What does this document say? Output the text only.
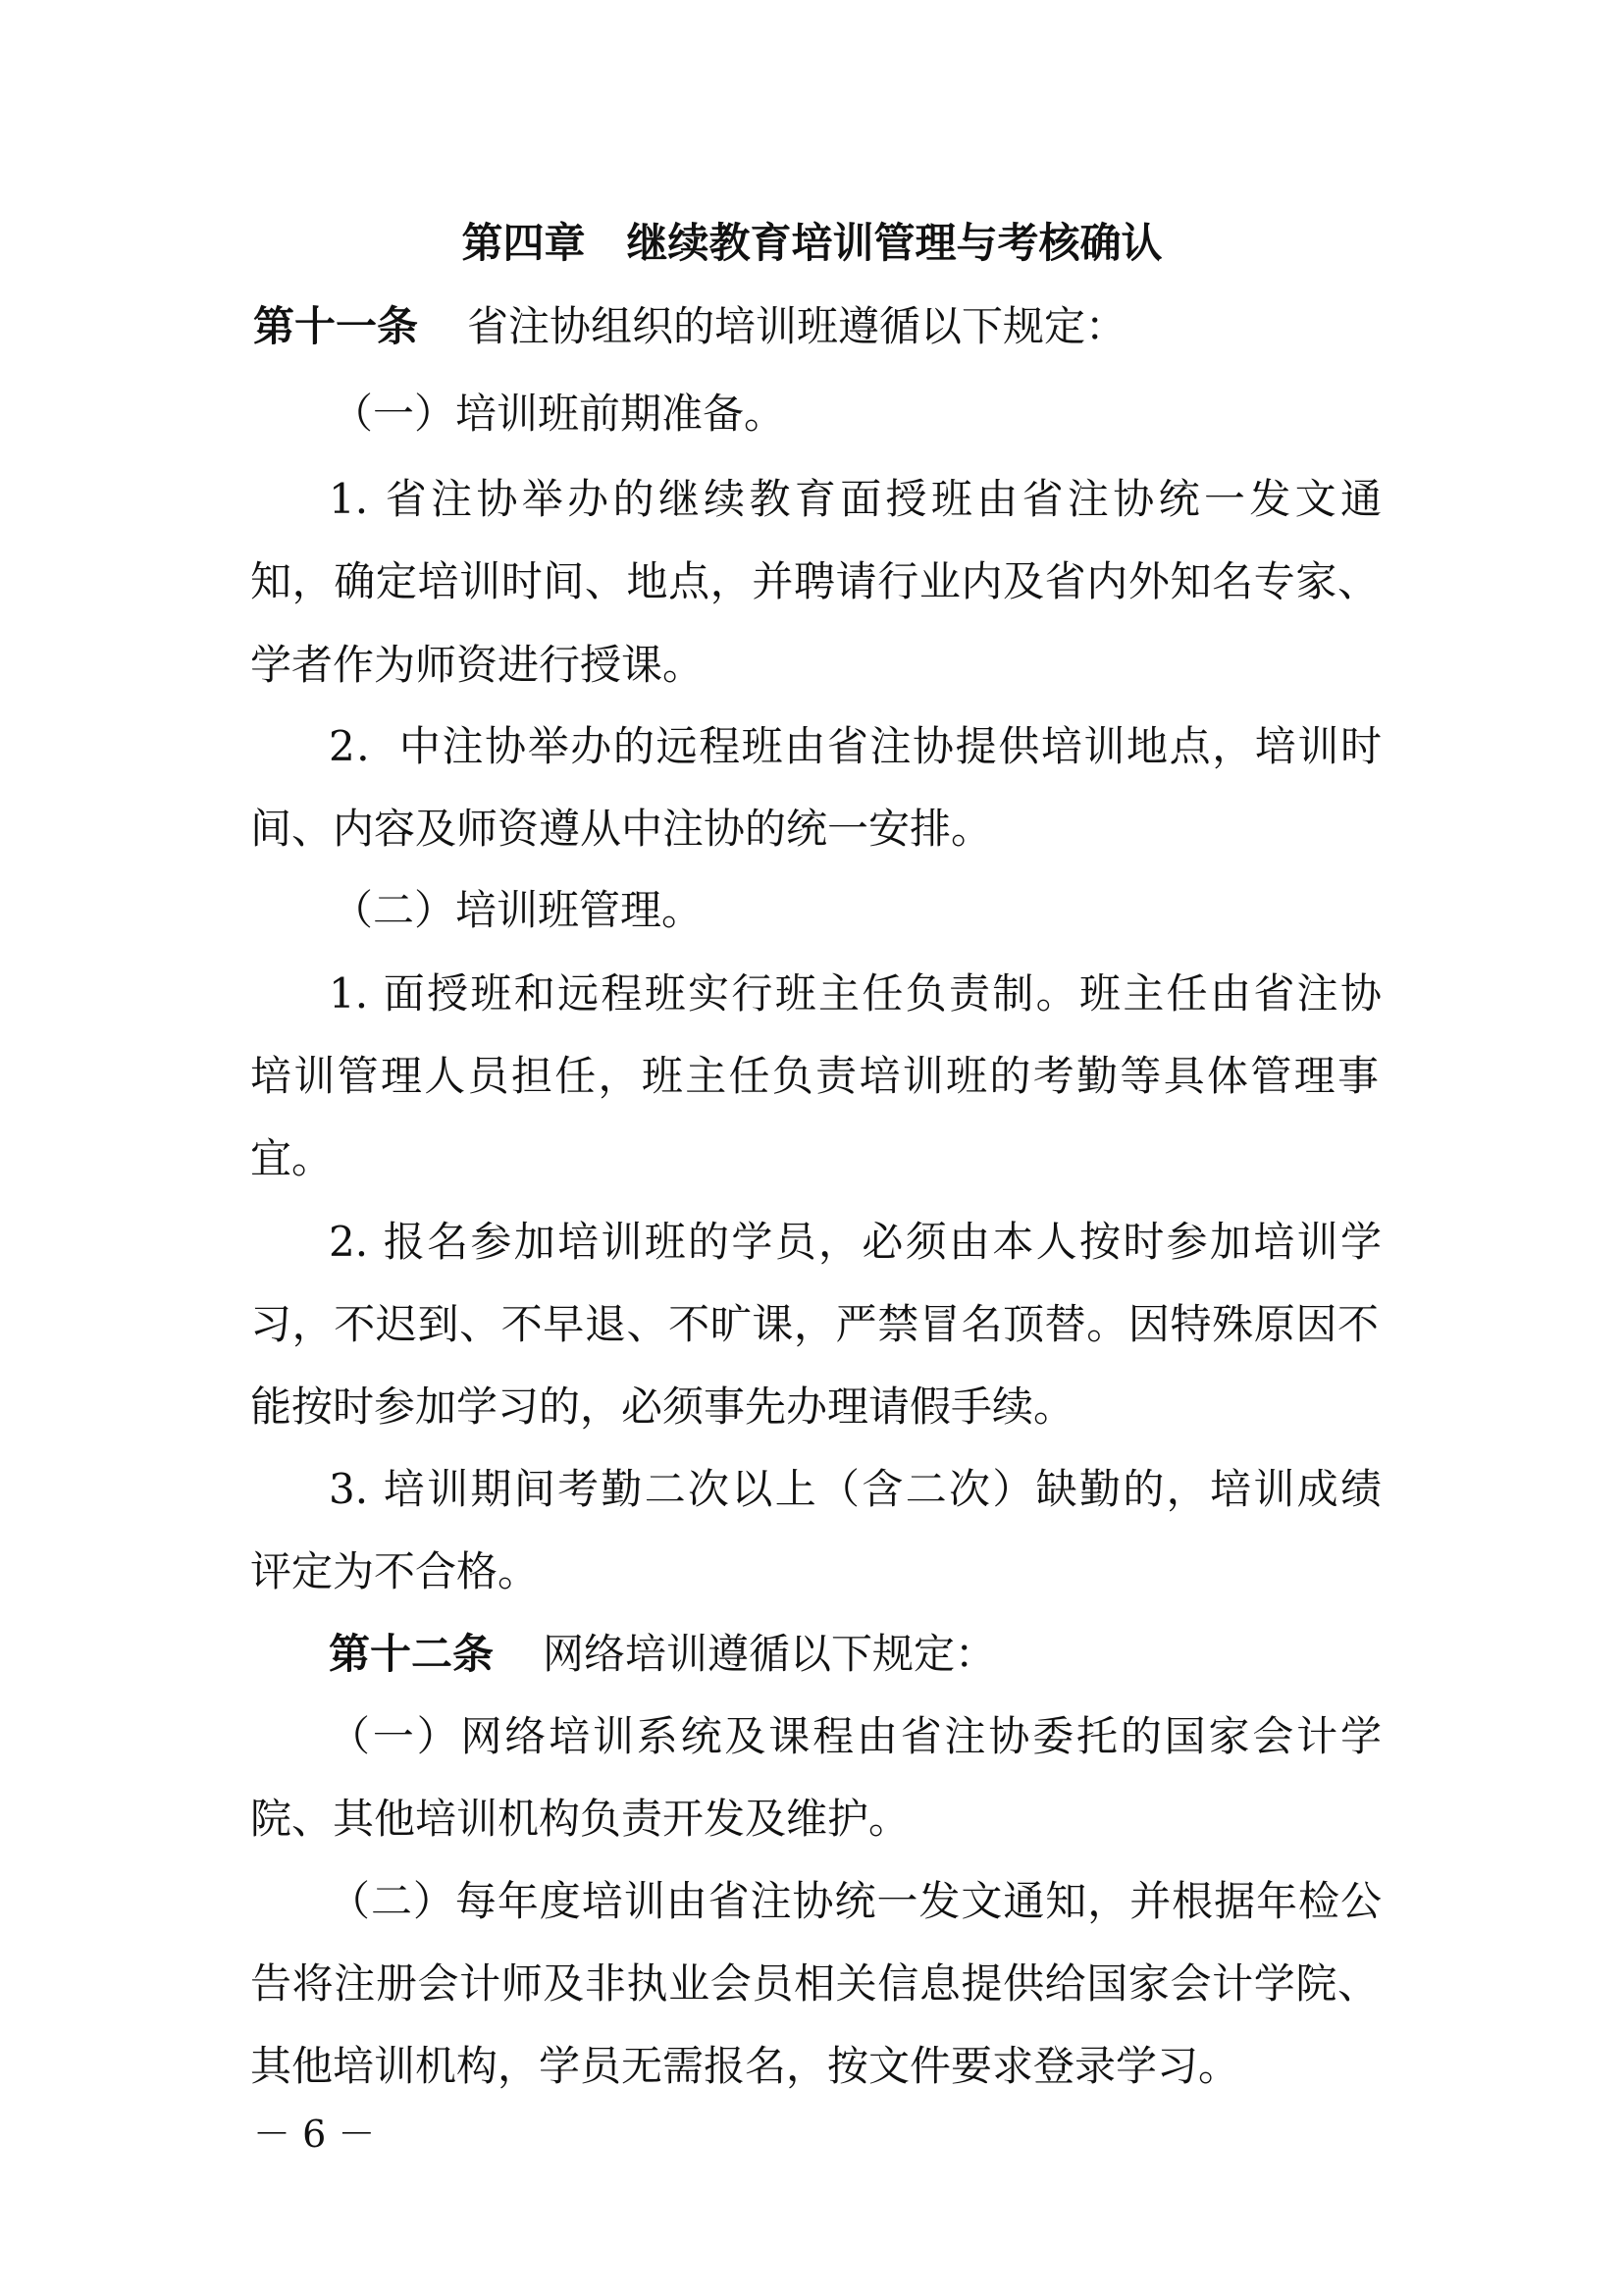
第四章 继续教育培训管理与考核确认

第十一条 省注协组织的培训班遵循以下规定：

（一）培训班前期准备。

1. 省注协举办的继续教育面授班由省注协统一发文通

知，确定培训时间、地点，并聘请行业内及省内外知名专家、

学者作为师资进行授课。

2．中注协举办的远程班由省注协提供培训地点，培训时

间、内容及师资遵从中注协的统一安排。

（二）培训班管理。

1. 面授班和远程班实行班主任负责制。班主任由省注协

培训管理人员担任，班主任负责培训班的考勤等具体管理事

宜。

2. 报名参加培训班的学员，必须由本人按时参加培训学

习，不迟到、不早退、不旷课，严禁冒名顶替。因特殊原因不

能按时参加学习的，必须事先办理请假手续。

3. 培训期间考勤二次以上（含二次）缺勤的，培训成绩

评定为不合格。

第十二条 网络培训遵循以下规定：

（一）网络培训系统及课程由省注协委托的国家会计学

院、其他培训机构负责开发及维护。

（二）每年度培训由省注协统一发文通知，并根据年检公

告将注册会计师及非执业会员相关信息提供给国家会计学院、

其他培训机构，学员无需报名，按文件要求登录学习。

－ 6 －
